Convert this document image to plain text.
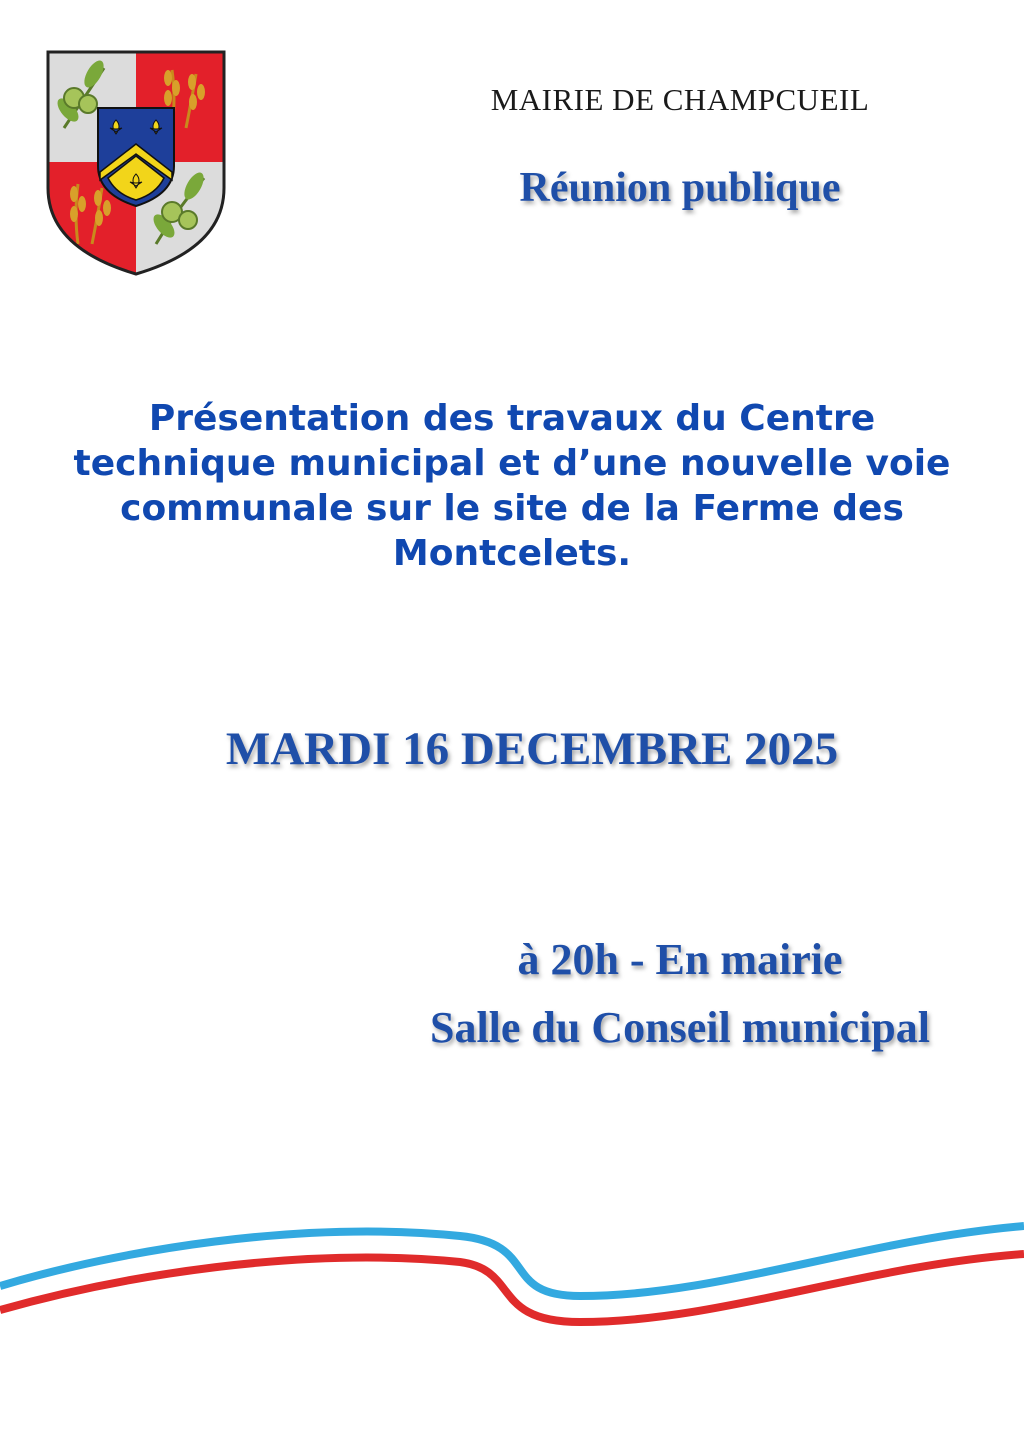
MAIRIE DE CHAMPCUEIL
Réunion publique
Présentation des travaux du Centre technique municipal et d’une nouvelle voie communale sur le site de la Ferme des Montcelets.
MARDI 16 DECEMBRE 2025
à 20h - En mairie
Salle du Conseil municipal
